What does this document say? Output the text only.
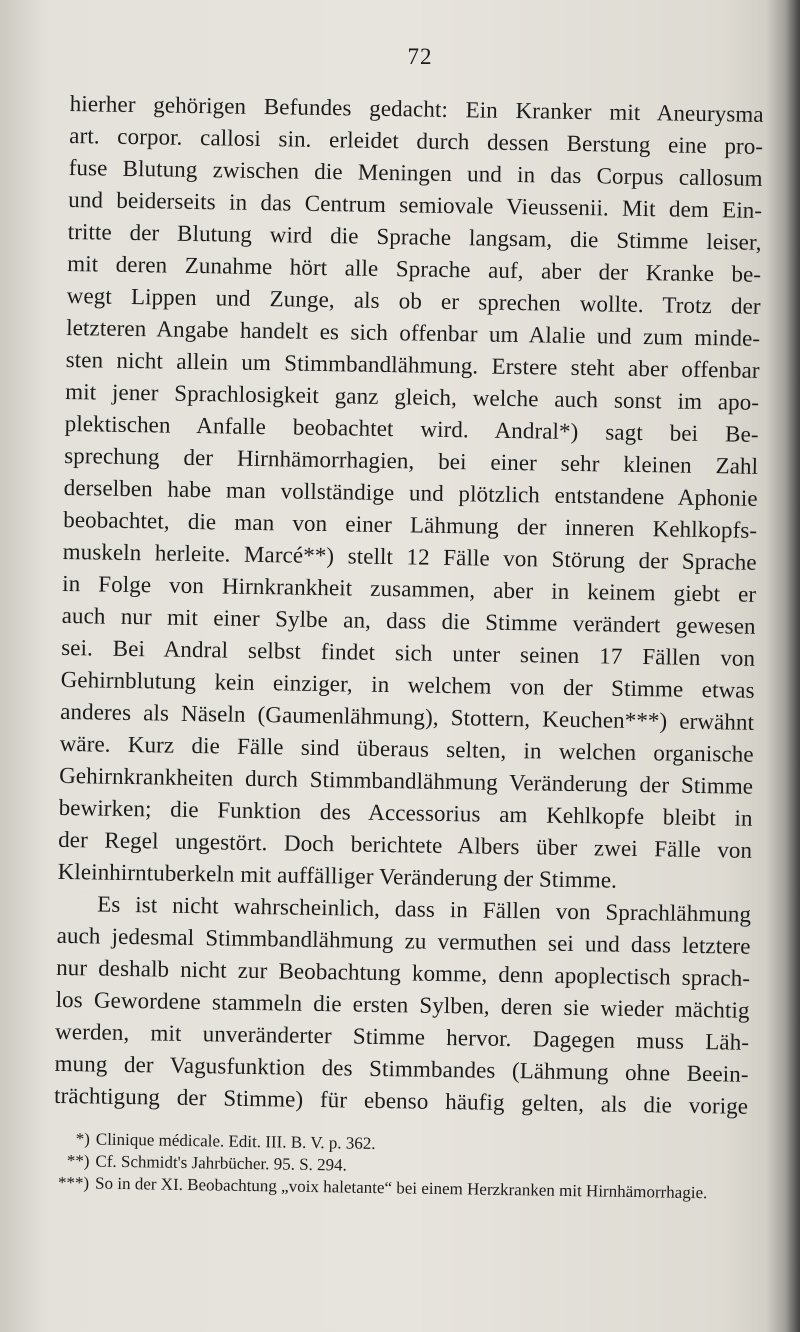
72

hierher gehörigen Befundes gedacht: Ein Kranker mit Aneurysma
art. corpor. callosi sin. erleidet durch dessen Berstung eine pro-
fuse Blutung zwischen die Meningen und in das Corpus callosum
und beiderseits in das Centrum semiovale Vieussenii. Mit dem Ein-
tritte der Blutung wird die Sprache langsam, die Stimme leiser,
mit deren Zunahme hört alle Sprache auf, aber der Kranke be-
wegt Lippen und Zunge, als ob er sprechen wollte. Trotz der
letzteren Angabe handelt es sich offenbar um Alalie und zum minde-
sten nicht allein um Stimmbandlähmung. Erstere steht aber offenbar
mit jener Sprachlosigkeit ganz gleich, welche auch sonst im apo-
plektischen Anfalle beobachtet wird. Andral*) sagt bei Be-
sprechung der Hirnhämorrhagien, bei einer sehr kleinen Zahl
derselben habe man vollständige und plötzlich entstandene Aphonie
beobachtet, die man von einer Lähmung der inneren Kehlkopfs-
muskeln herleite. Marcé**) stellt 12 Fälle von Störung der Sprache
in Folge von Hirnkrankheit zusammen, aber in keinem giebt er
auch nur mit einer Sylbe an, dass die Stimme verändert gewesen
sei. Bei Andral selbst findet sich unter seinen 17 Fällen von
Gehirnblutung kein einziger, in welchem von der Stimme etwas
anderes als Näseln (Gaumenlähmung), Stottern, Keuchen***) erwähnt
wäre. Kurz die Fälle sind überaus selten, in welchen organische
Gehirnkrankheiten durch Stimmbandlähmung Veränderung der Stimme
bewirken; die Funktion des Accessorius am Kehlkopfe bleibt in
der Regel ungestört. Doch berichtete Albers über zwei Fälle von
Kleinhirntuberkeln mit auffälliger Veränderung der Stimme.

Es ist nicht wahrscheinlich, dass in Fällen von Sprachlähmung
auch jedesmal Stimmbandlähmung zu vermuthen sei und dass letztere
nur deshalb nicht zur Beobachtung komme, denn apoplectisch sprach-
los Gewordene stammeln die ersten Sylben, deren sie wieder mächtig
werden, mit unveränderter Stimme hervor. Dagegen muss Läh-
mung der Vagusfunktion des Stimmbandes (Lähmung ohne Beein-
trächtigung der Stimme) für ebenso häufig gelten, als die vorige

*) Clinique médicale. Edit. III. B. V. p. 362.
**) Cf. Schmidt's Jahrbücher. 95. S. 294.
***) So in der XI. Beobachtung „voix haletante“ bei einem Herzkranken mit Hirnhämorrhagie.
